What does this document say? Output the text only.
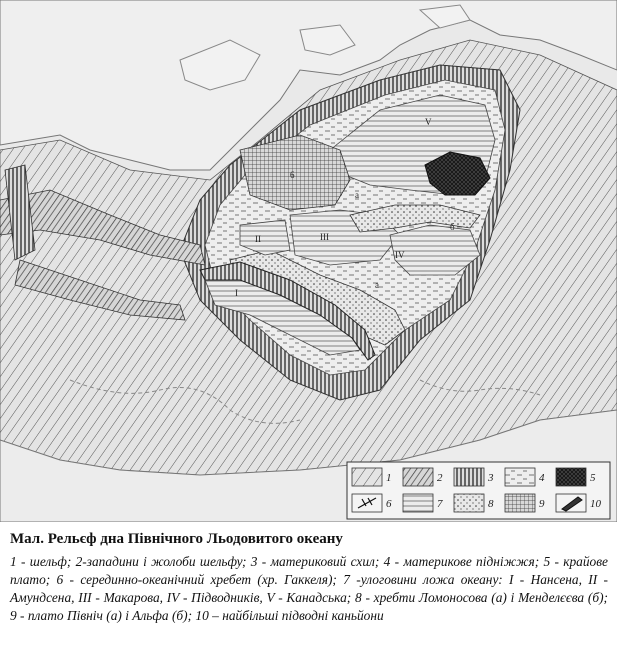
I
II	III
IV
V
6
б
а
а
1	2	3	4	5
6	7	8	9	10
Мал. Рельєф дна Північного Льодовитого океану

1 - шельф; 2-западини і жолоби шельфу; 3 - материковий схил; 4 - материкове підніжжя; 5 - крайове плато; 6 - серединно-океанічний хребет (хр. Гаккеля); 7 -улоговини ложа океану: I - Нансена, II - Амундсена, III - Макарова, IV - Підводників, V - Канадська; 8 - хребти Ломоносова (а) і Менделєєва (б); 9 - плато Північ (а) і Альфа (б); 10 – найбільші підводні каньйони
